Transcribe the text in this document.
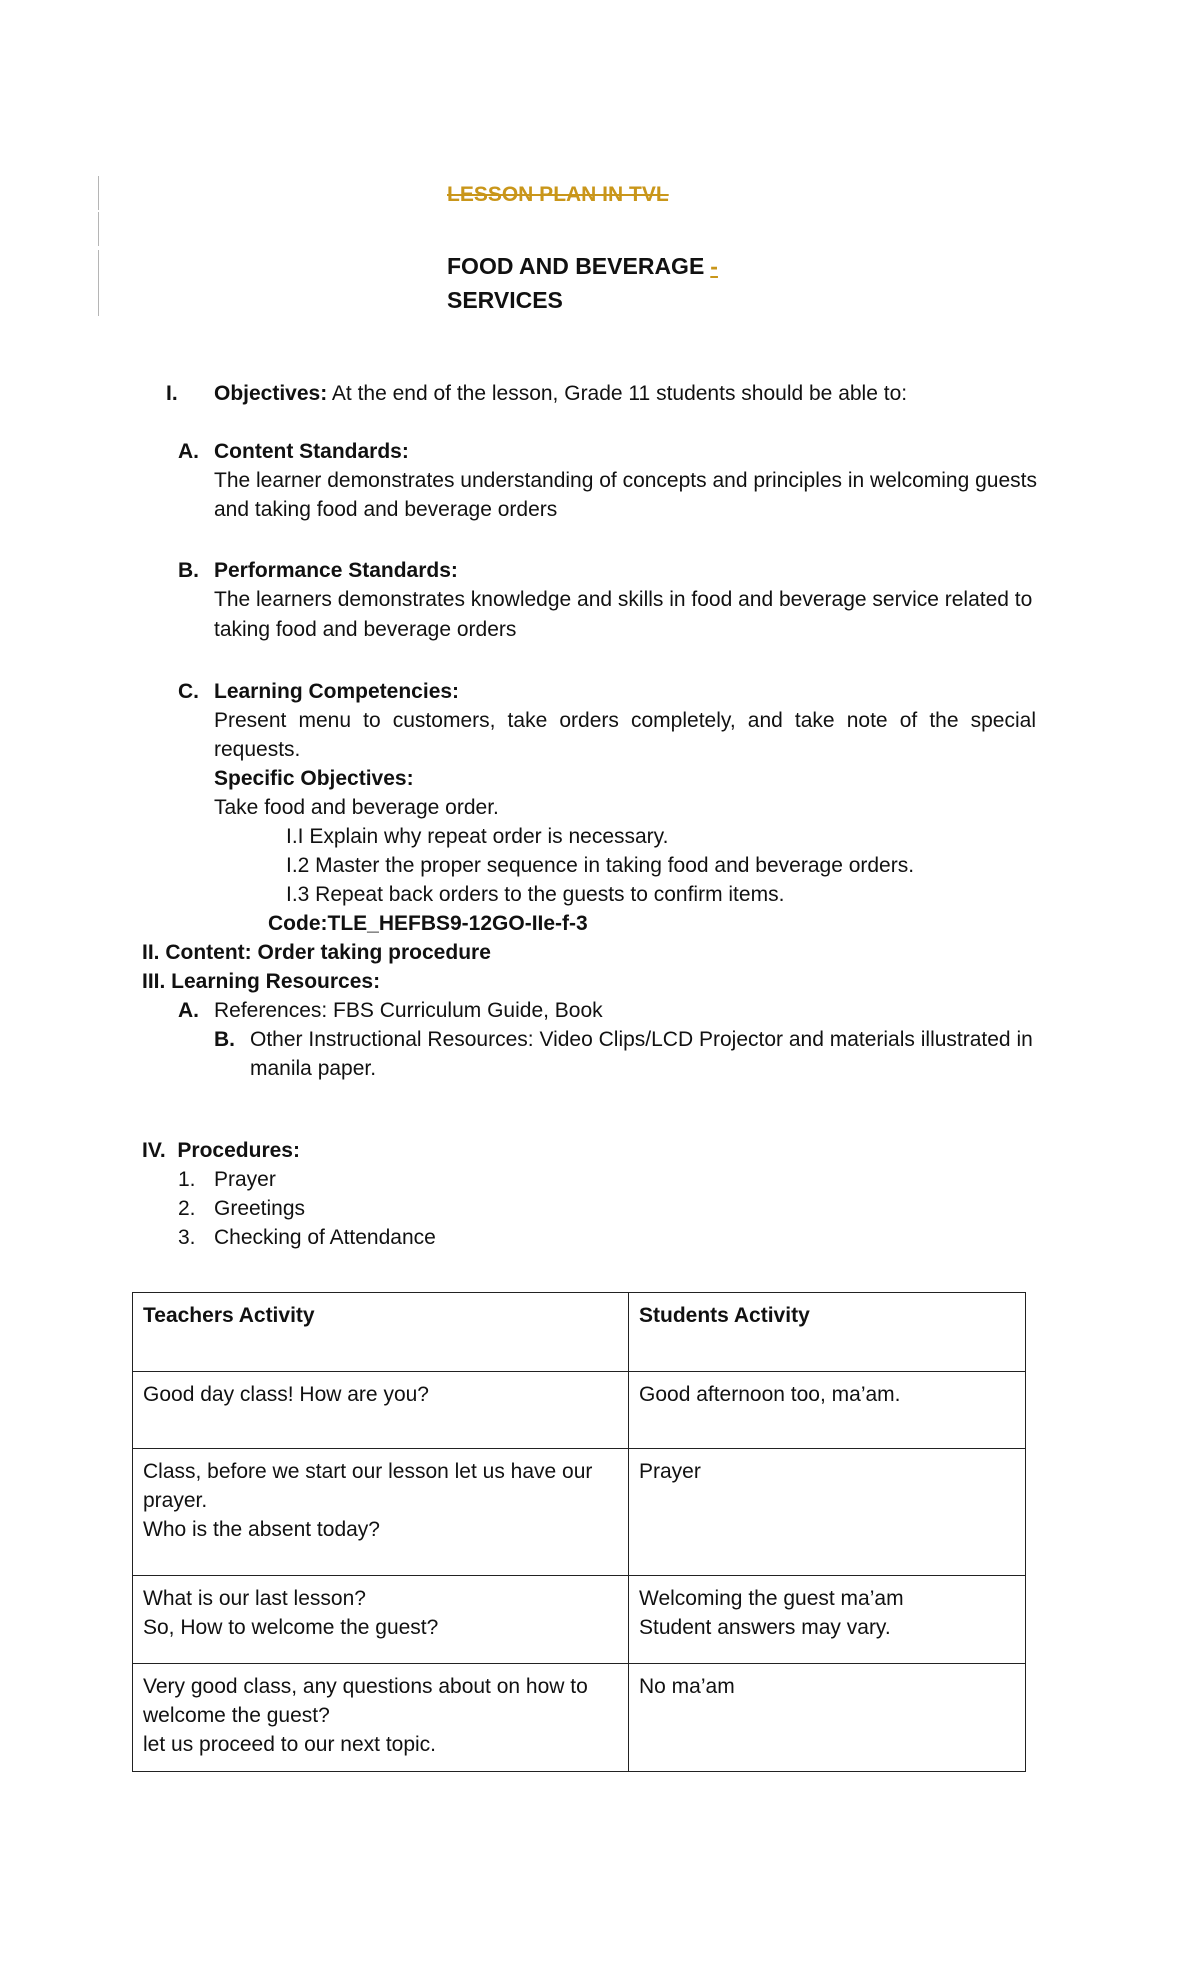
LESSON PLAN IN TVL
FOOD AND BEVERAGE -
SERVICES
I. Objectives: At the end of the lesson, Grade 11 students should be able to:
A. Content Standards:
The learner demonstrates understanding of concepts and principles in welcoming guests
and taking food and beverage orders
B. Performance Standards:
The learners demonstrates knowledge and skills in food and beverage service related to
taking food and beverage orders
C. Learning Competencies:
Present menu to customers, take orders completely, and take note of the special requests.
Specific Objectives:
Take food and beverage order.
I.I Explain why repeat order is necessary.
I.2 Master the proper sequence in taking food and beverage orders.
I.3 Repeat back orders to the guests to confirm items.
Code:TLE_HEFBS9-12GO-IIe-f-3
II. Content: Order taking procedure
III. Learning Resources:
A. References: FBS Curriculum Guide, Book
B. Other Instructional Resources: Video Clips/LCD Projector and materials illustrated in
manila paper.
IV.  Procedures:
1. Prayer
2. Greetings
3. Checking of Attendance
Teachers Activity	Students Activity

Good day class! How are you?	Good afternoon too, ma’am.

Class, before we start our lesson let us have our prayer.
Who is the absent today?	Prayer

What is our last lesson?
So, How to welcome the guest?	Welcoming the guest ma’am
Student answers may vary.

Very good class, any questions about on how to welcome the guest?
let us proceed to our next topic.	No ma’am
